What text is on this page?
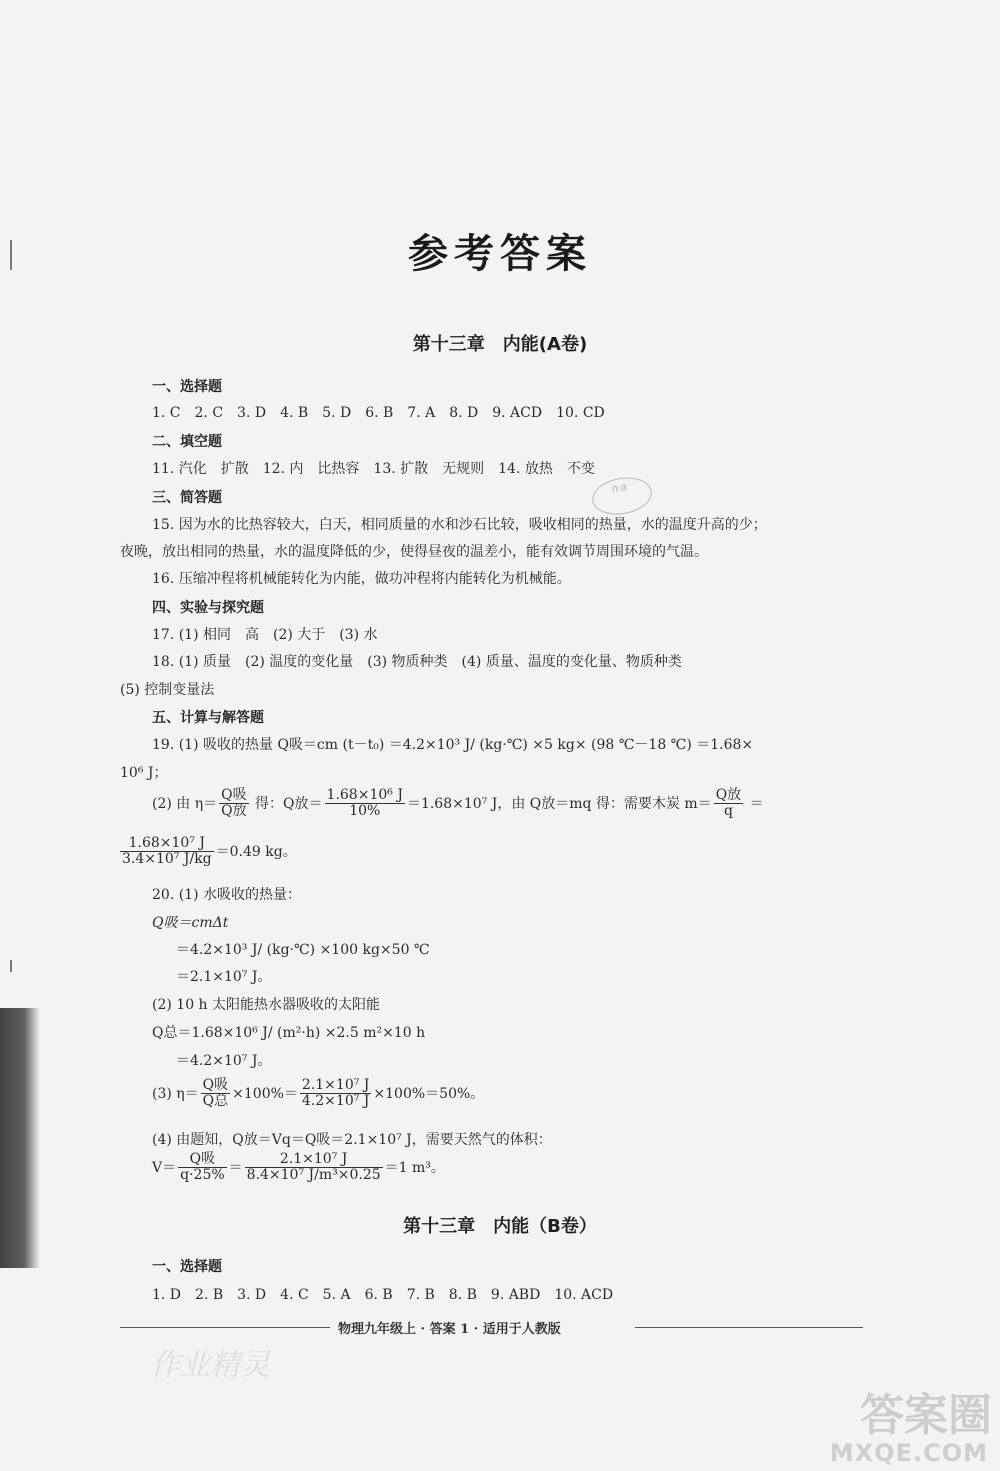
参考答案
第十三章　内能(A卷)
一、选择题
1. C　2. C　3. D　4. B　5. D　6. B　7. A　8. D　9. ACD　10. CD
二、填空题
11. 汽化　扩散　12. 内　比热容　13. 扩散　无规则　14. 放热　不变
三、简答题
15. 因为水的比热容较大，白天，相同质量的水和沙石比较，吸收相同的热量，水的温度升高的少；
夜晚，放出相同的热量，水的温度降低的少，使得昼夜的温差小，能有效调节周围环境的气温。
16. 压缩冲程将机械能转化为内能，做功冲程将内能转化为机械能。
四、实验与探究题
17. (1) 相同　高　(2) 大于　(3) 水
18. (1) 质量　(2) 温度的变化量　(3) 物质种类　(4) 质量、温度的变化量、物质种类
(5) 控制变量法
五、计算与解答题
19. (1) 吸收的热量 Q吸＝cm (t－t₀) ＝4.2×10³ J/ (kg·℃) ×5 kg× (98 ℃－18 ℃) ＝1.68×
10⁶ J；
(2) 由 $\eta= \frac{\text{Q吸}}{\text{Q放}}$ 得：Q放＝ $\frac{\text{1.68×10⁶ J}}{10\%} =1.68\times 10^7$ J，由 Q放＝mq 得：需要木炭 $m= \frac{\text{Q放}}{q}$ ＝
$\frac{\text{1.68×10⁷ J}}{\text{3.4×10⁷ J/kg}} =0.49$ kg。
20. (1) 水吸收的热量：
Q吸＝cmΔt
＝4.2×10³ J/ (kg·℃) ×100 kg×50 ℃
＝2.1×10⁷ J。
(2) 10 h 太阳能热水器吸收的太阳能
Q总＝1.68×10⁶ J/ (m²·h) ×2.5 m²×10 h
＝4.2×10⁷ J。
(3) $\eta= \frac{\text{Q吸}}{\text{Q总}} \times 100\%= \frac{\text{2.1×10⁷ J}}{\text{4.2×10⁷ J}} \times 100\%=50\%$。
(4) 由题知，Q放＝Vq＝Q吸＝2.1×10⁷ J，需要天然气的体积：
$V= \frac{\text{Q吸}}{q\cdot 25\%} = \frac{\text{2.1×10⁷ J}}{\text{8.4×10⁷ J/m³×0.25}} =1$ m³。
第十三章　内能（B卷）
一、选择题
1. D　2. B　3. D　4. C　5. A　6. B　7. B　8. B　9. ABD　10. ACD
物理九年级上 · 答案 1 · 适用于人教版
作业
作业精灵
答案圈
MXQE.COM
